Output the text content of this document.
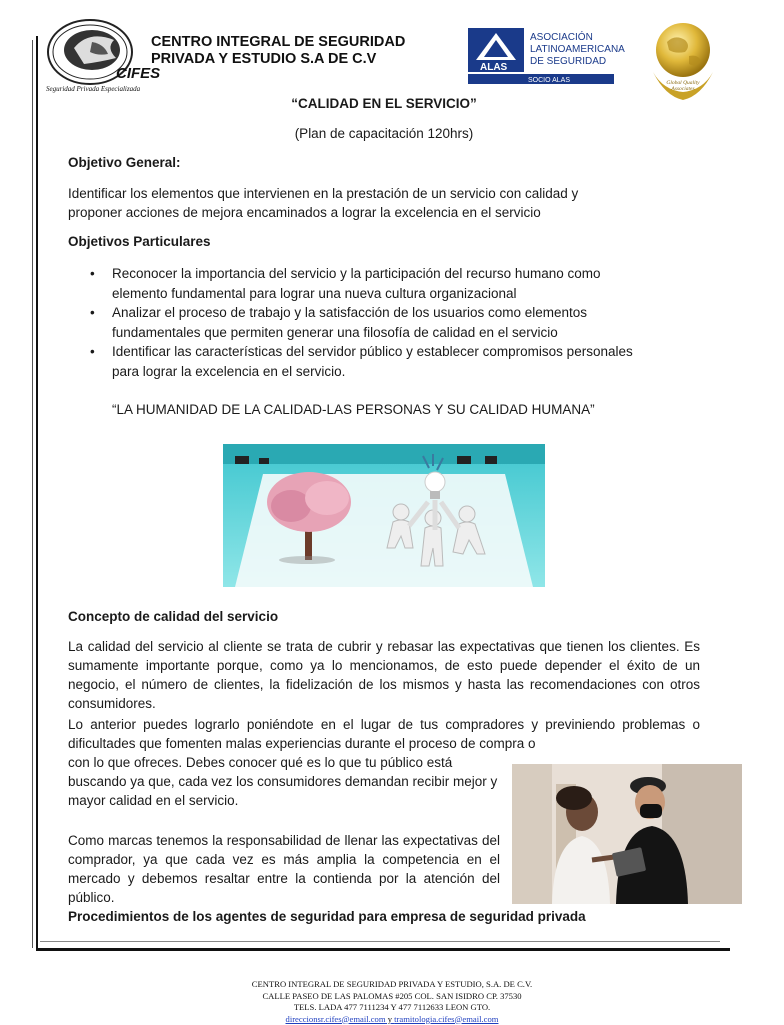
CIFES
Seguridad Privada Especializada
CENTRO INTEGRAL DE SEGURIDAD
PRIVADA Y ESTUDIO S.A DE C.V
ALAS
ASOCIACIÓN
LATINOAMERICANA
DE SEGURIDAD
SOCIO ALAS	Global Quality
Associates
“CALIDAD EN EL SERVICIO”
(Plan de capacitación 120hrs)
Objetivo General:
Identificar los elementos que intervienen en la prestación de un servicio con calidad y
proponer acciones de mejora encaminados a lograr la excelencia en el servicio
Objetivos Particulares
• Reconocer la importancia del servicio y la participación del recurso humano como
elemento fundamental para lograr una nueva cultura organizacional
• Analizar el proceso de trabajo y la satisfacción de los usuarios como elementos
fundamentales que permiten generar una filosofía de calidad en el servicio
• Identificar las características del servidor público y establecer compromisos personales
para lograr la excelencia en el servicio.
“LA HUMANIDAD DE LA CALIDAD-LAS PERSONAS Y SU CALIDAD HUMANA”
Concepto de calidad del servicio
La calidad del servicio al cliente se trata de cubrir y rebasar las expectativas que tienen los clientes. Es sumamente importante porque, como ya lo mencionamos, de esto puede depender el éxito de un negocio, el número de clientes, la fidelización de los mismos y hasta las recomendaciones con otros consumidores.
Lo anterior puedes lograrlo poniéndote en el lugar de tus compradores y previniendo problemas o dificultades que fomenten malas experiencias durante el proceso de compra o
con lo que ofreces. Debes conocer qué es lo que tu público está buscando ya que, cada vez los consumidores demandan recibir mejor y mayor calidad en el servicio.
Como marcas tenemos la responsabilidad de llenar las expectativas del comprador, ya que cada vez es más amplia la competencia en el mercado y debemos resaltar entre la contienda por la atención del público.
Procedimientos de los agentes de seguridad para empresa de seguridad privada
CENTRO INTEGRAL DE SEGURIDAD PRIVADA Y ESTUDIO, S.A. DE C.V.
CALLE PASEO DE LAS PALOMAS #205 COL. SAN ISIDRO CP. 37530
TELS. LADA 477 7111234 Y 477 7112633 LEON GTO.
direccionsr.cifes@email.com y tramitologia.cifes@email.com
